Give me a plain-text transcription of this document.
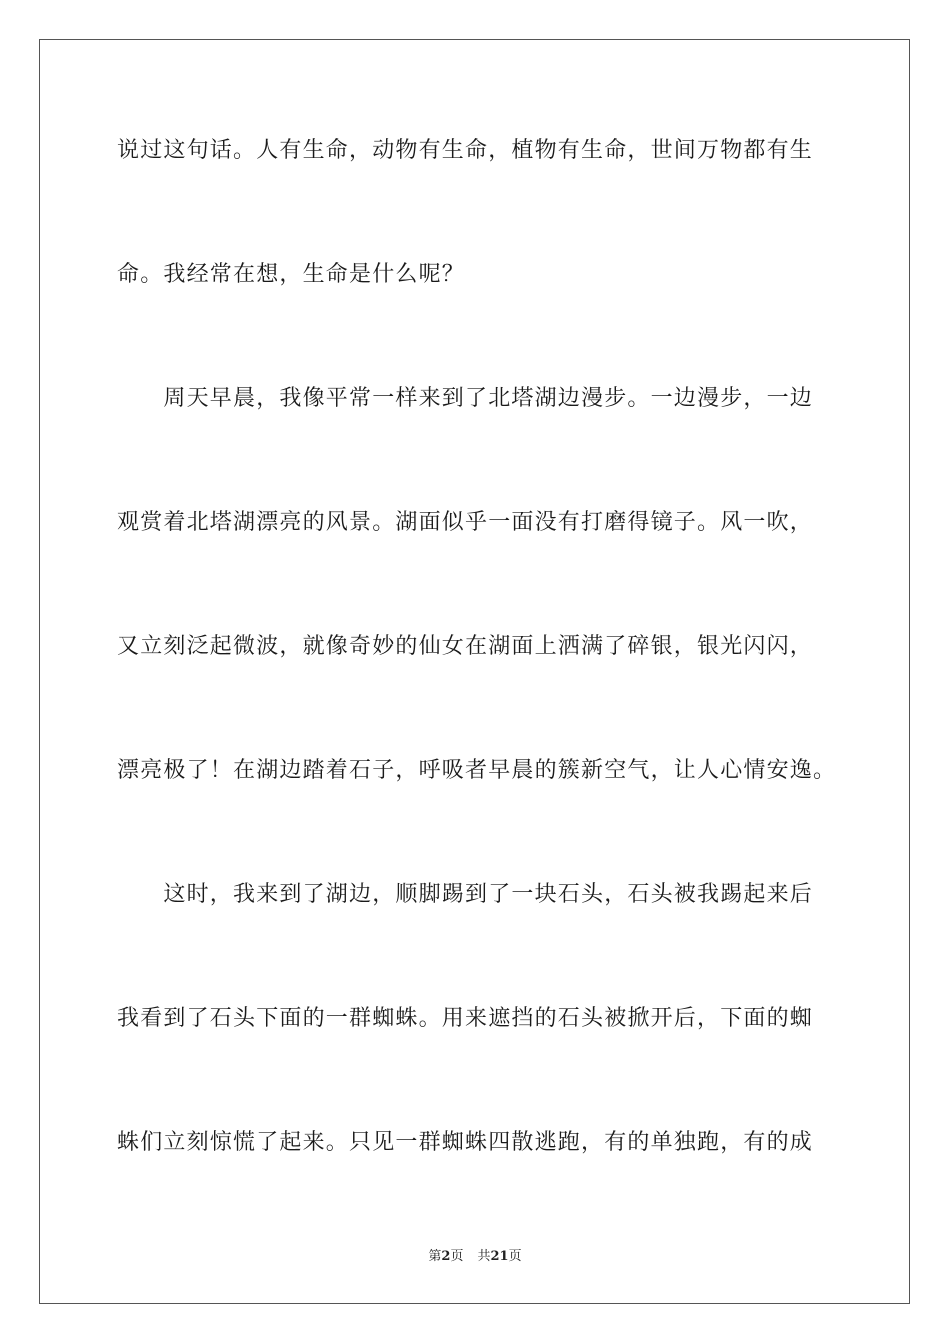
说过这句话。人有生命，动物有生命，植物有生命，世间万物都有生
命。我经常在想，生命是什么呢？
　　周天早晨，我像平常一样来到了北塔湖边漫步。一边漫步，一边
观赏着北塔湖漂亮的风景。湖面似乎一面没有打磨得镜子。风一吹，
又立刻泛起微波，就像奇妙的仙女在湖面上洒满了碎银，银光闪闪，
漂亮极了！在湖边踏着石子，呼吸者早晨的簇新空气，让人心情安逸。
　　这时，我来到了湖边，顺脚踢到了一块石头，石头被我踢起来后
我看到了石头下面的一群蜘蛛。用来遮挡的石头被掀开后，下面的蜘
蛛们立刻惊慌了起来。只见一群蜘蛛四散逃跑，有的单独跑，有的成
第2页 共21页
